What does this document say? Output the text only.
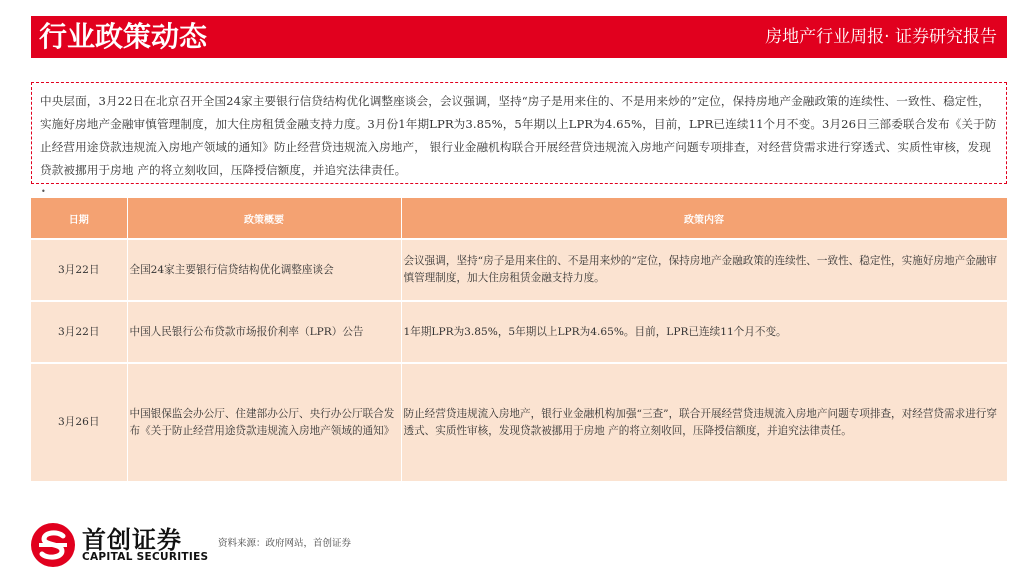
行业政策动态	房地产行业周报· 证券研究报告
中央层面，3月22日在北京召开全国24家主要银行信贷结构优化调整座谈会，会议强调，坚持“房子是用来住的、不是用来炒的”定位，保持房地产金融政策的连续性、一致性、稳定性，实施好房地产金融审慎管理制度，加大住房租赁金融支持力度。3月份1年期LPR为3.85%，5年期以上LPR为4.65%，目前，LPR已连续11个月不变。3月26日三部委联合发布《关于防止经营用途贷款违规流入房地产领域的通知》防止经营贷违规流入房地产， 银行业金融机构联合开展经营贷违规流入房地产问题专项排查，对经营贷需求进行穿透式、实质性审核，发现贷款被挪用于房地 产的将立刻收回，压降授信额度，并追究法律责任。
•
日期	政策概要	政策内容
3月22日	全国24家主要银行信贷结构优化调整座谈会	会议强调，坚持“房子是用来住的、不是用来炒的”定位，保持房地产金融政策的连续性、一致性、稳定性，实施好房地产金融审慎管理制度，加大住房租赁金融支持力度。
3月22日	中国人民银行公布贷款市场报价利率（LPR）公告	1年期LPR为3.85%，5年期以上LPR为4.65%。目前，LPR已连续11个月不变。
3月26日	中国银保监会办公厅、住建部办公厅、央行办公厅联合发布《关于防止经营用途贷款违规流入房地产领域的通知》	防止经营贷违规流入房地产，银行业金融机构加强“三查”，联合开展经营贷违规流入房地产问题专项排查，对经营贷需求进行穿透式、实质性审核，发现贷款被挪用于房地 产的将立刻收回，压降授信额度，并追究法律责任。
首创证券
CAPITAL SECURITIES
资料来源：政府网站，首创证券
